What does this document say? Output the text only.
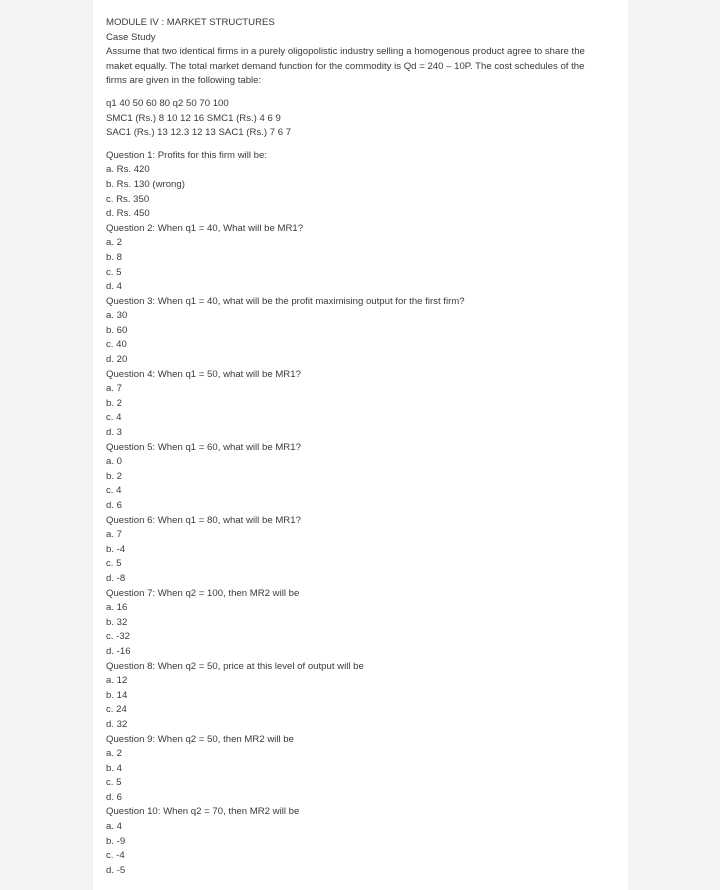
MODULE IV : MARKET STRUCTURES
Case Study
Assume that two identical firms in a purely oligopolistic industry selling a homogenous product agree to share the maket equally. The total market demand function for the commodity is Qd = 240 – 10P. The cost schedules of the firms are given in the following table:
q1 40 50 60 80 q2 50 70 100
SMC1 (Rs.) 8 10 12 16 SMC1 (Rs.) 4 6 9
SAC1 (Rs.) 13 12.3 12 13 SAC1 (Rs.) 7 6 7
Question 1: Profits for this firm will be:
a. Rs. 420
b. Rs. 130 (wrong)
c. Rs. 350
d. Rs. 450
Question 2: When q1 = 40, What will be MR1?
a. 2
b. 8
c. 5
d. 4
Question 3: When q1 = 40, what will be the profit maximising output for the first firm?
a. 30
b. 60
c. 40
d. 20
Question 4: When q1 = 50, what will be MR1?
a. 7
b. 2
c. 4
d. 3
Question 5: When q1 = 60, what will be MR1?
a. 0
b. 2
c. 4
d. 6
Question 6: When q1 = 80, what will be MR1?
a. 7
b. -4
c. 5
d. -8
Question 7: When q2 = 100, then MR2 will be
a. 16
b. 32
c. -32
d. -16
Question 8: When q2 = 50, price at this level of output will be
a. 12
b. 14
c. 24
d. 32
Question 9: When q2 = 50, then MR2 will be
a. 2
b. 4
c. 5
d. 6
Question 10: When q2 = 70, then MR2 will be
a. 4
b. -9
c. -4
d. -5
